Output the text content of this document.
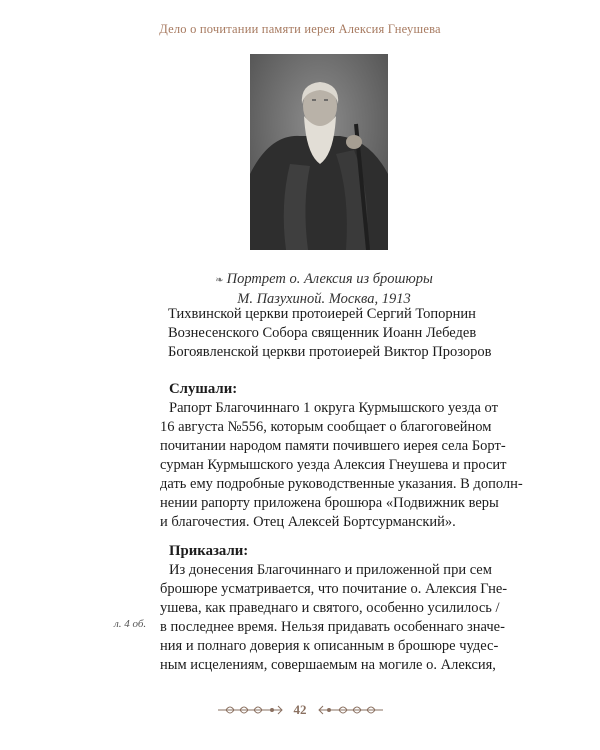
Дело о почитании памяти иерея Алексия Гнеушева
❧ Портрет о. Алексия из брошюры
М. Пазухиной. Москва, 1913
Тихвинской церкви протоиерей Сергий Топорнин
Вознесенского Собора священник Иоанн Лебедев
Богоявленской церкви протоиерей Виктор Прозоров
Слушали:
Рапорт Благочиннаго 1 округа Курмышского уезда от
16 августа №556, которым сообщает о благоговейном
почитании народом памяти почившего иерея села Борт-
сурман Курмышского уезда Алексия Гнеушева и просит
дать ему подробные руководственные указания. В дополн-
нении рапорту приложена брошюра «Подвижник веры
и благочестия. Отец Алексей Бортсурманский».
Приказали:
Из донесения Благочиннаго и приложенной при сем
брошюре усматривается, что почитание о. Алексия Гне-
ушева, как праведнаго и святого, особенно усилилось /
в последнее время. Нельзя придавать особеннаго значе-
ния и полнаго доверия к описанным в брошюре чудес-
ным исцелениям, совершаемым на могиле о. Алексия,
л. 4 об.
42
